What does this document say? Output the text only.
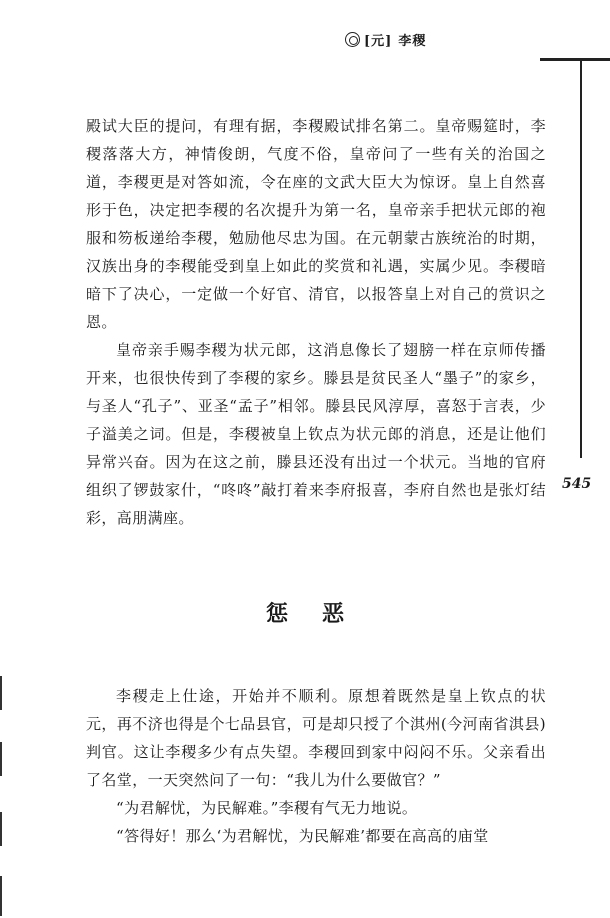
[元] 李稷

殿试大臣的提问，有理有据，李稷殿试排名第二。皇帝赐筵时，李稷落落大方，神情俊朗，气度不俗，皇帝问了一些有关的治国之道，李稷更是对答如流，令在座的文武大臣大为惊讶。皇上自然喜形于色，决定把李稷的名次提升为第一名，皇帝亲手把状元郎的袍服和笏板递给李稷，勉励他尽忠为国。在元朝蒙古族统治的时期，汉族出身的李稷能受到皇上如此的奖赏和礼遇，实属少见。李稷暗暗下了决心，一定做一个好官、清官，以报答皇上对自己的赏识之恩。

皇帝亲手赐李稷为状元郎，这消息像长了翅膀一样在京师传播开来，也很快传到了李稷的家乡。滕县是贫民圣人“墨子”的家乡，与圣人“孔子”、亚圣“孟子”相邻。滕县民风淳厚，喜怒于言表，少子溢美之词。但是，李稷被皇上钦点为状元郎的消息，还是让他们异常兴奋。因为在这之前，滕县还没有出过一个状元。当地的官府组织了锣鼓家什，“咚咚”敲打着来李府报喜，李府自然也是张灯结彩，高朋满座。

545
惩恶

李稷走上仕途，开始并不顺利。原想着既然是皇上钦点的状元，再不济也得是个七品县官，可是却只授了个淇州(今河南省淇县)判官。这让李稷多少有点失望。李稷回到家中闷闷不乐。父亲看出了名堂，一天突然问了一句：“我儿为什么要做官？”

“为君解忧，为民解难。”李稷有气无力地说。

“答得好！那么‘为君解忧，为民解难’都要在高高的庙堂
